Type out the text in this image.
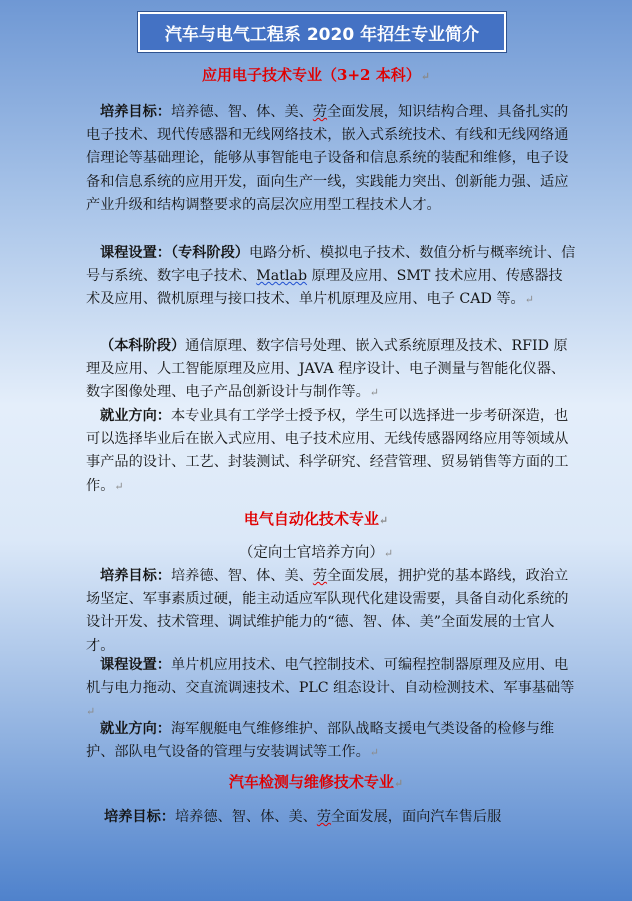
汽车与电气工程系 2020 年招生专业简介
应用电子技术专业（3+2 本科）↵
培养目标：培养德、智、体、美、劳全面发展，知识结构合理、具备扎实的电子技术、现代传感器和无线网络技术，嵌入式系统技术、有线和无线网络通信理论等基础理论，能够从事智能电子设备和信息系统的装配和维修，电子设备和信息系统的应用开发，面向生产一线，实践能力突出、创新能力强、适应产业升级和结构调整要求的高层次应用型工程技术人才。
课程设置：（专科阶段）电路分析、模拟电子技术、数值分析与概率统计、信号与系统、数字电子技术、Matlab 原理及应用、SMT 技术应用、传感器技术及应用、微机原理与接口技术、单片机原理及应用、电子 CAD 等。↵
（本科阶段）通信原理、数字信号处理、嵌入式系统原理及技术、RFID 原理及应用、人工智能原理及应用、JAVA 程序设计、电子测量与智能化仪器、数字图像处理、电子产品创新设计与制作等。↵
就业方向：本专业具有工学学士授予权，学生可以选择进一步考研深造，也可以选择毕业后在嵌入式应用、电子技术应用、无线传感器网络应用等领域从事产品的设计、工艺、封装测试、科学研究、经营管理、贸易销售等方面的工作。↵
电气自动化技术专业↵
（定向士官培养方向）↵
培养目标：培养德、智、体、美、劳全面发展，拥护党的基本路线，政治立场坚定、军事素质过硬，能主动适应军队现代化建设需要，具备自动化系统的设计开发、技术管理、调试维护能力的“德、智、体、美”全面发展的士官人才。
课程设置：单片机应用技术、电气控制技术、可编程控制器原理及应用、电机与电力拖动、交直流调速技术、PLC 组态设计、自动检测技术、军事基础等↵
就业方向：海军舰艇电气维修维护、部队战略支援电气类设备的检修与维护、部队电气设备的管理与安装调试等工作。↵
汽车检测与维修技术专业↵
培养目标：培养德、智、体、美、劳全面发展，面向汽车售后服
